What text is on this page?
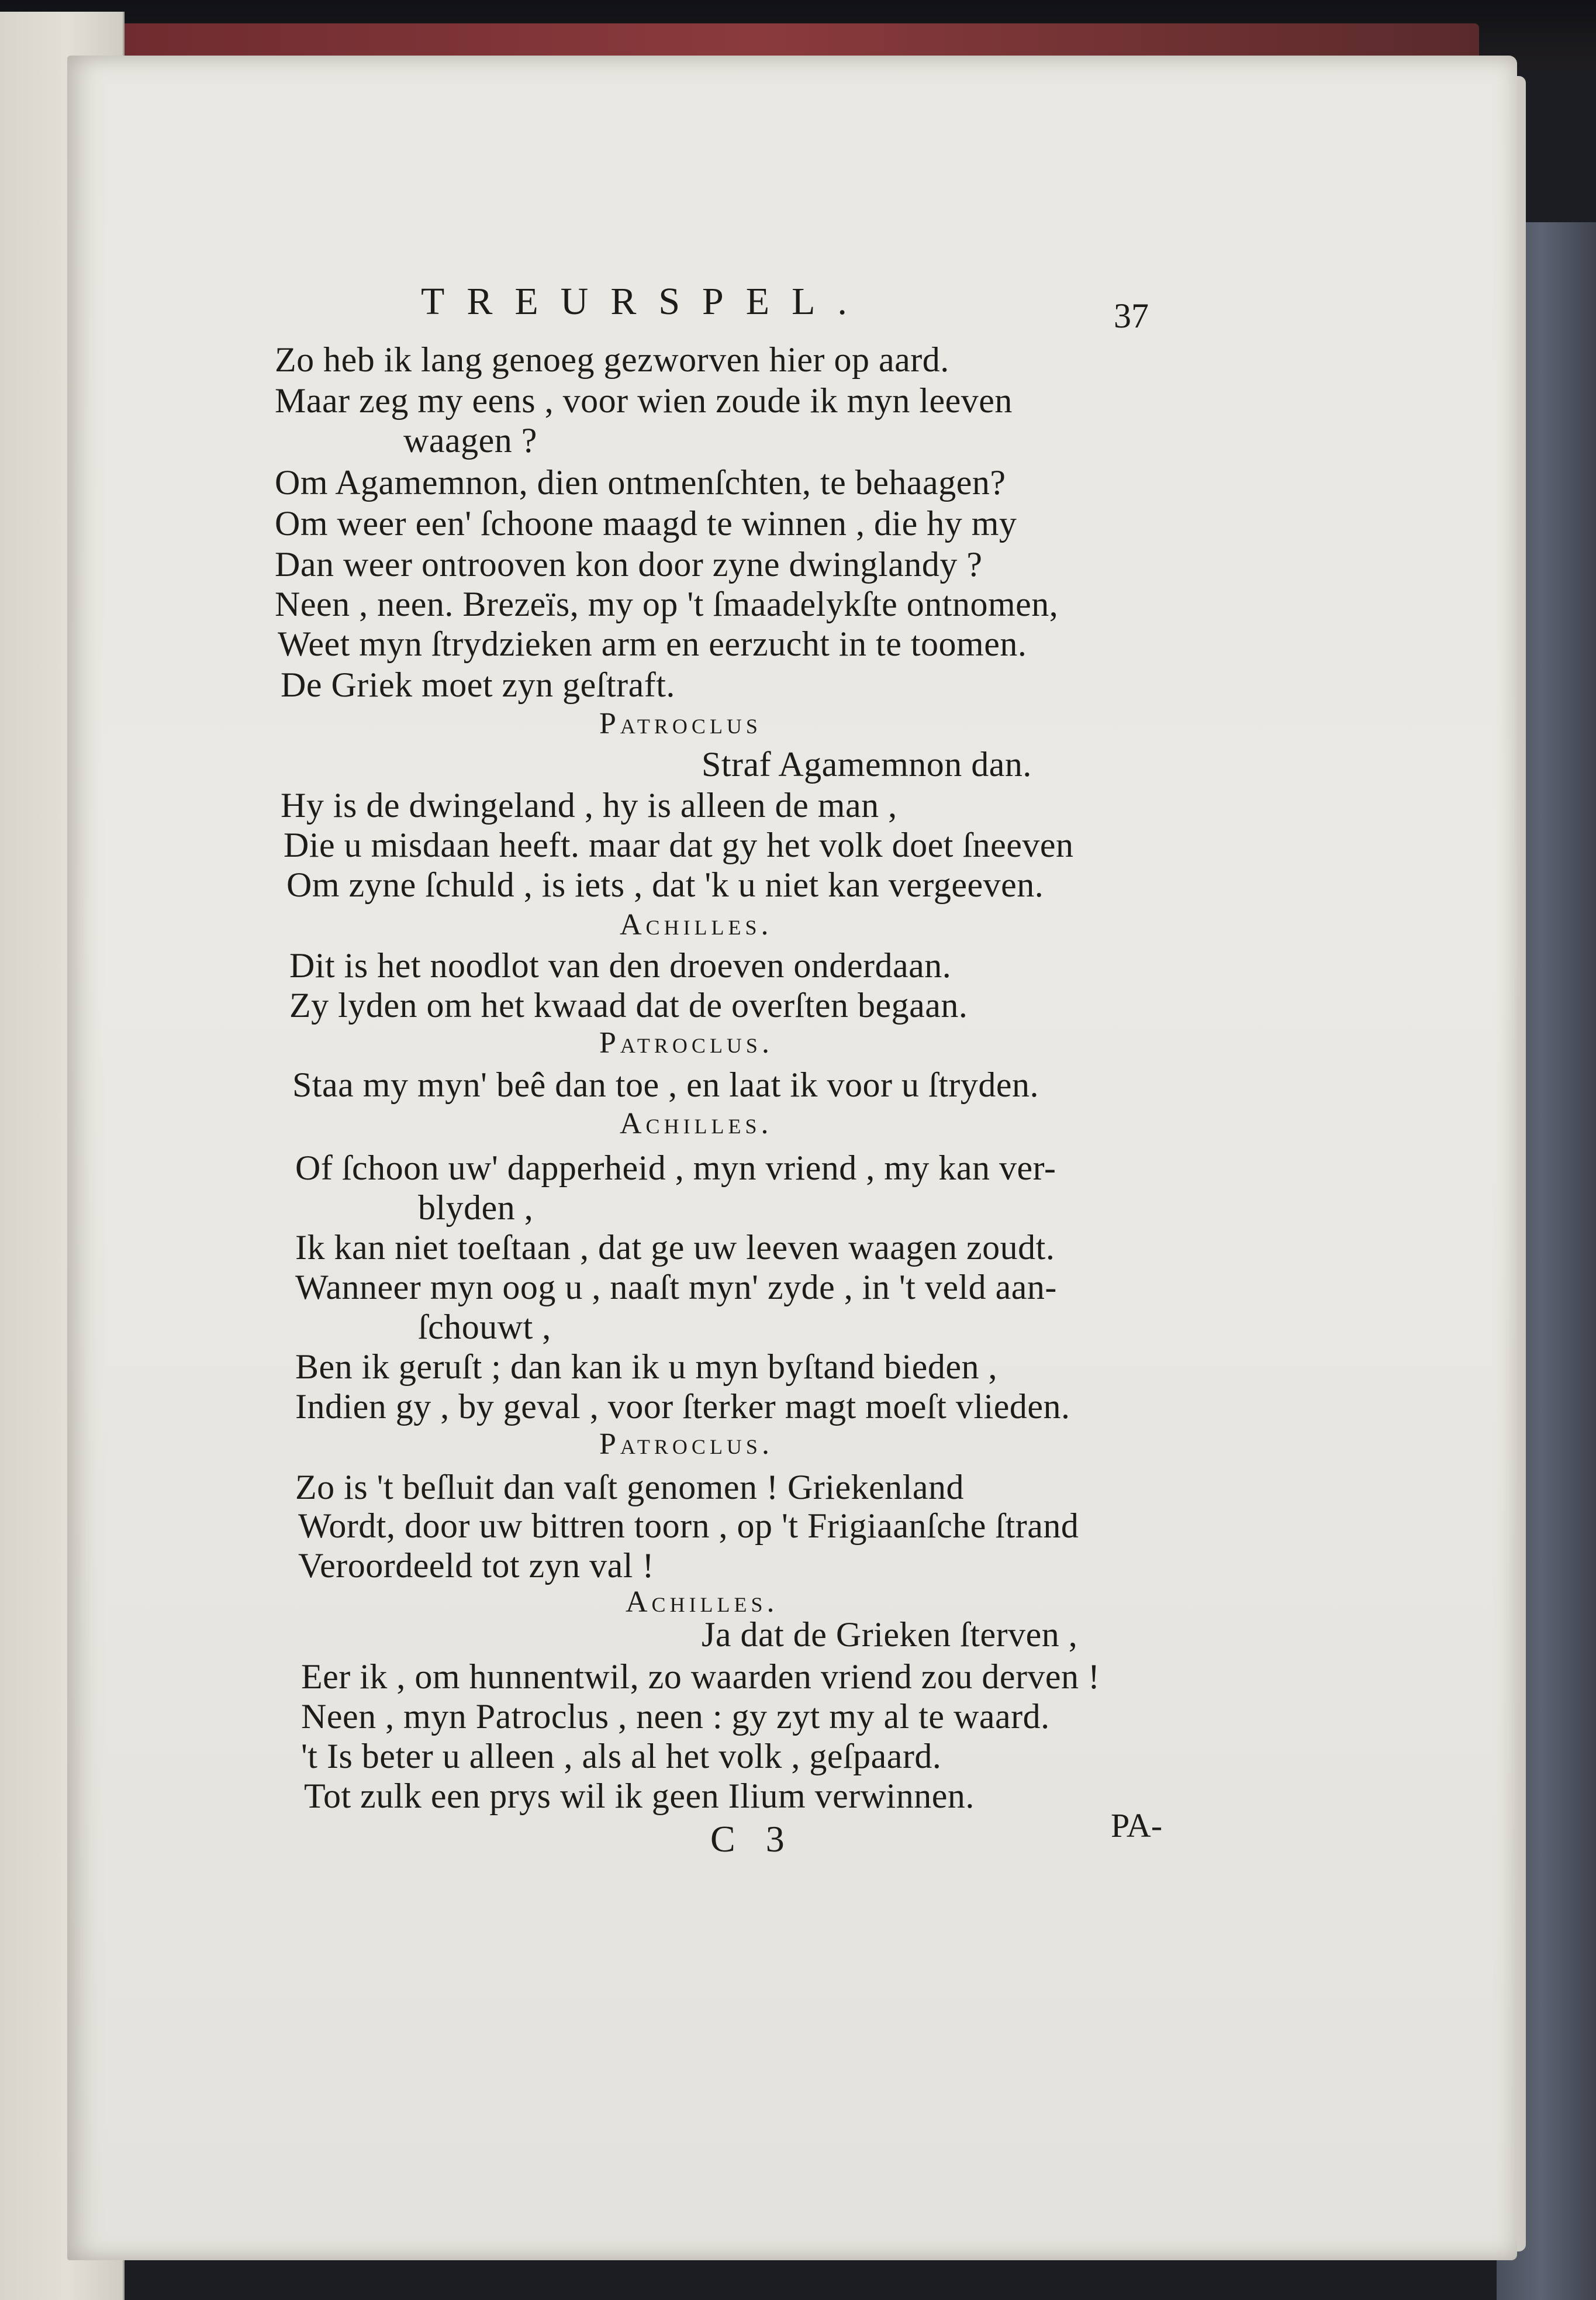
TREURSPEL.	37
Zo heb ik lang genoeg gezworven hier op aard.
Maar zeg my eens , voor wien zoude ik myn leeven
waagen ?
Om Agamemnon, dien ontmenſchten, te behaagen?
Om weer een' ſchoone maagd te winnen , die hy my
Dan weer ontrooven kon door zyne dwinglandy ?
Neen , neen. Brezeïs, my op 't ſmaadelykſte ontnomen,
Weet myn ſtrydzieken arm en eerzucht in te toomen.
De Griek moet zyn geſtraft.
Patroclus
Straf Agamemnon dan.
Hy is de dwingeland , hy is alleen de man ,
Die u misdaan heeft. maar dat gy het volk doet ſneeven
Om zyne ſchuld , is iets , dat 'k u niet kan vergeeven.
Achilles.
Dit is het noodlot van den droeven onderdaan.
Zy lyden om het kwaad dat de overſten begaan.
Patroclus.
Staa my myn' beê dan toe , en laat ik voor u ſtryden.
Achilles.
Of ſchoon uw' dapperheid , myn vriend , my kan ver-
blyden ,
Ik kan niet toeſtaan , dat ge uw leeven waagen zoudt.
Wanneer myn oog u , naaſt myn' zyde , in 't veld aan-
ſchouwt ,
Ben ik geruſt ; dan kan ik u myn byſtand bieden ,
Indien gy , by geval , voor ſterker magt moeſt vlieden.
Patroclus.
Zo is 't beſluit dan vaſt genomen ! Griekenland
Wordt, door uw bittren toorn , op 't Frigiaanſche ſtrand
Veroordeeld tot zyn val !
Achilles.
Ja dat de Grieken ſterven ,
Eer ik , om hunnentwil, zo waarden vriend zou derven !
Neen , myn Patroclus , neen : gy zyt my al te waard.
't Is beter u alleen , als al het volk , geſpaard.
Tot zulk een prys wil ik geen Ilium verwinnen.
C 3	PA-
